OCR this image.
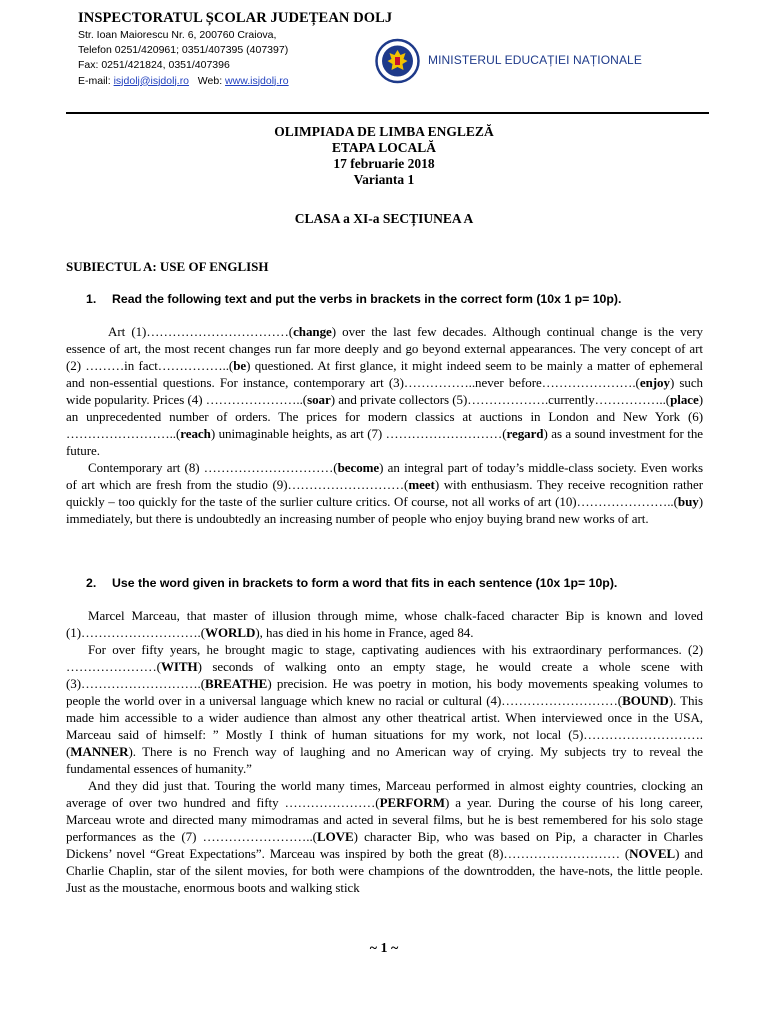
INSPECTORATUL ȘCOLAR JUDEȚEAN DOLJ
Str. Ioan Maiorescu Nr. 6, 200760 Craiova,
Telefon 0251/420961; 0351/407395 (407397)
Fax: 0251/421824, 0351/407396
E-mail: isjdolj@isjdolj.ro Web: www.isjdolj.ro
MINISTERUL EDUCAȚIEI NAȚIONALE
OLIMPIADA DE LIMBA ENGLEZĂ
ETAPA LOCALĂ
17 februarie 2018
Varianta 1
CLASA a XI-a SECȚIUNEA A
SUBIECTUL A: USE OF ENGLISH
1. Read the following text and put the verbs in brackets in the correct form (10x 1 p= 10p).

Art (1)……………………………(change) over the last few decades. Although continual change is the very essence of art, the most recent changes run far more deeply and go beyond external appearances. The very concept of art (2) ………in fact……………..(be) questioned. At first glance, it might indeed seem to be mainly a matter of ephemeral and non-essential questions. For instance, contemporary art (3)……………..never before………………….(enjoy) such wide popularity. Prices (4) …………………..(soar) and private collectors (5)……………….currently……………..(place) an unprecedented number of orders. The prices for modern classics at auctions in London and New York (6) ……………………..(reach) unimaginable heights, as art (7) ………………………(regard) as a sound investment for the future.

Contemporary art (8) …………………………(become) an integral part of today’s middle-class society. Even works of art which are fresh from the studio (9)………………………(meet) with enthusiasm. They receive recognition rather quickly – too quickly for the taste of the surlier culture critics. Of course, not all works of art (10)…………………..(buy) immediately, but there is undoubtedly an increasing number of people who enjoy buying brand new works of art.

2. Use the word given in brackets to form a word that fits in each sentence (10x 1p= 10p).

Marcel Marceau, that master of illusion through mime, whose chalk-faced character Bip is known and loved (1)……………………….(WORLD), has died in his home in France, aged 84.

For over fifty years, he brought magic to stage, captivating audiences with his extraordinary performances. (2) …………………(WITH) seconds of walking onto an empty stage, he would create a whole scene with (3)……………………….(BREATHE) precision. He was poetry in motion, his body movements speaking volumes to people the world over in a universal language which knew no racial or cultural (4)………………………(BOUND). This made him accessible to a wider audience than almost any other theatrical artist. When interviewed once in the USA, Marceau said of himself: ” Mostly I think of human situations for my work, not local (5)……………………….(MANNER). There is no French way of laughing and no American way of crying. My subjects try to reveal the fundamental essences of humanity.”

And they did just that. Touring the world many times, Marceau performed in almost eighty countries, clocking an average of over two hundred and fifty …………………(PERFORM) a year. During the course of his long career, Marceau wrote and directed many mimodramas and acted in several films, but he is best remembered for his solo stage performances as the (7) ……………………..(LOVE) character Bip, who was based on Pip, a character in Charles Dickens’ novel “Great Expectations”. Marceau was inspired by both the great (8)……………………… (NOVEL) and Charlie Chaplin, star of the silent movies, for both were champions of the downtrodden, the have-nots, the little people. Just as the moustache, enormous boots and walking stick

~ 1 ~
